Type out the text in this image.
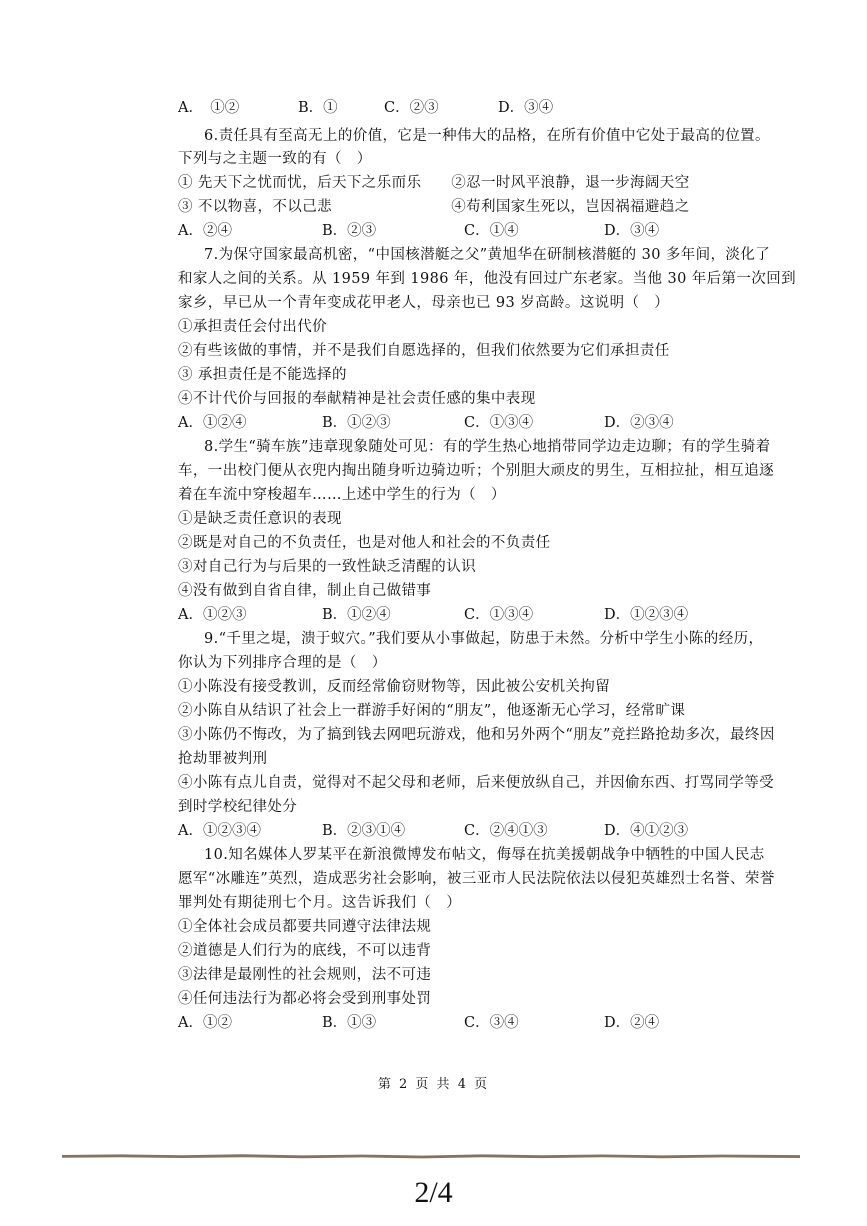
A．　①②	B．①	C．②③	D．③④
6.责任具有至高无上的价值，它是一种伟大的品格，在所有价值中它处于最高的位置。
下列与之主题一致的有（　）
① 先天下之忧而忧，后天下之乐而乐　　②忍一时风平浪静，退一步海阔天空
③ 不以物喜，不以己悲　　　　　　　　④苟利国家生死以，岂因祸福避趋之
A．②④	B．②③	C．①④	D．③④
7.为保守国家最高机密，“中国核潜艇之父”黄旭华在研制核潜艇的 30 多年间，淡化了
和家人之间的关系。从 1959 年到 1986 年，他没有回过广东老家。当他 30 年后第一次回到
家乡，早已从一个青年变成花甲老人，母亲也已 93 岁高龄。这说明（　）
①承担责任会付出代价
②有些该做的事情，并不是我们自愿选择的，但我们依然要为它们承担责任
③ 承担责任是不能选择的
④不计代价与回报的奉献精神是社会责任感的集中表现
A．①②④	B．①②③	C．①③④	D．②③④
8.学生“骑车族”违章现象随处可见：有的学生热心地捎带同学边走边聊；有的学生骑着
车，一出校门便从衣兜内掏出随身听边骑边听；个别胆大顽皮的男生，互相拉扯，相互追逐
着在车流中穿梭超车……上述中学生的行为（　）
①是缺乏责任意识的表现
②既是对自己的不负责任，也是对他人和社会的不负责任
③对自己行为与后果的一致性缺乏清醒的认识
④没有做到自省自律，制止自己做错事
A．①②③	B．①②④	C．①③④	D．①②③④
9.“千里之堤，溃于蚁穴。”我们要从小事做起，防患于未然。分析中学生小陈的经历，
你认为下列排序合理的是（　）
①小陈没有接受教训，反而经常偷窃财物等，因此被公安机关拘留
②小陈自从结识了社会上一群游手好闲的“朋友”，他逐渐无心学习，经常旷课
③小陈仍不悔改，为了搞到钱去网吧玩游戏，他和另外两个“朋友”竞拦路抢劫多次，最终因
抢劫罪被判刑
④小陈有点儿自责，觉得对不起父母和老师，后来便放纵自己，并因偷东西、打骂同学等受
到时学校纪律处分
A．①②③④	B．②③①④	C．②④①③	D．④①②③
10.知名媒体人罗某平在新浪微博发布帖文，侮辱在抗美援朝战争中牺牲的中国人民志
愿军“冰雕连”英烈，造成恶劣社会影响，被三亚市人民法院依法以侵犯英雄烈士名誉、荣誉
罪判处有期徒刑七个月。这告诉我们（　）
①全体社会成员都要共同遵守法律法规
②道德是人们行为的底线，不可以违背
③法律是最刚性的社会规则，法不可违
④任何违法行为都必将会受到刑事处罚
A．①②	B．①③	C．③④	D．②④
第 2 页 共 4 页
2/4
